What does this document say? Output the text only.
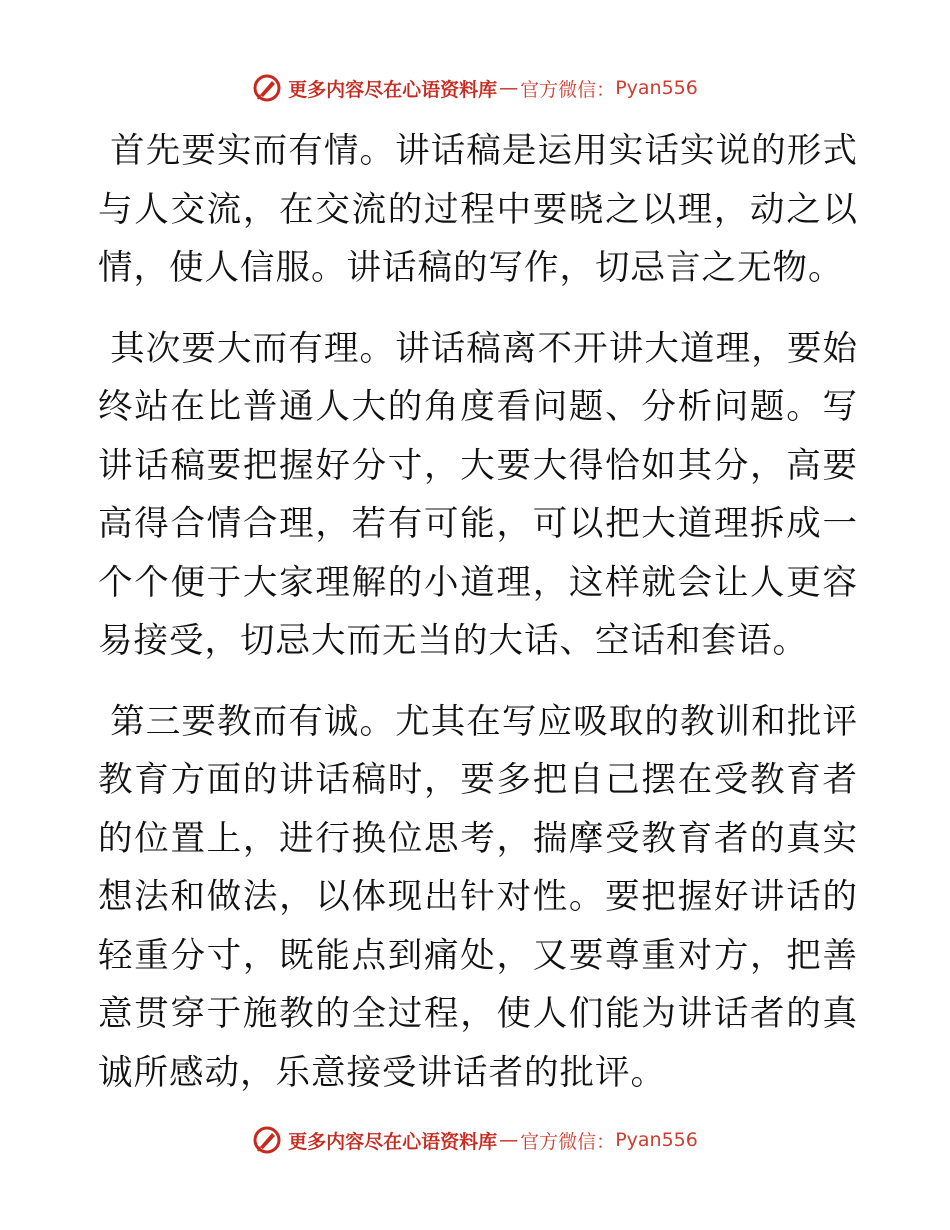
更多内容尽在心语资料库 — 官方微信： Pyan556

首先要实而有情。讲话稿是运用实话实说的形式与人交流，在交流的过程中要晓之以理，动之以情，使人信服。讲话稿的写作，切忌言之无物。

其次要大而有理。讲话稿离不开讲大道理，要始终站在比普通人大的角度看问题、分析问题。写讲话稿要把握好分寸，大要大得恰如其分，高要高得合情合理，若有可能，可以把大道理拆成一个个便于大家理解的小道理，这样就会让人更容易接受，切忌大而无当的大话、空话和套语。

第三要教而有诚。尤其在写应吸取的教训和批评教育方面的讲话稿时，要多把自己摆在受教育者的位置上，进行换位思考，揣摩受教育者的真实想法和做法，以体现出针对性。要把握好讲话的轻重分寸，既能点到痛处，又要尊重对方，把善意贯穿于施教的全过程，使人们能为讲话者的真诚所感动，乐意接受讲话者的批评。

更多内容尽在心语资料库 — 官方微信： Pyan556
